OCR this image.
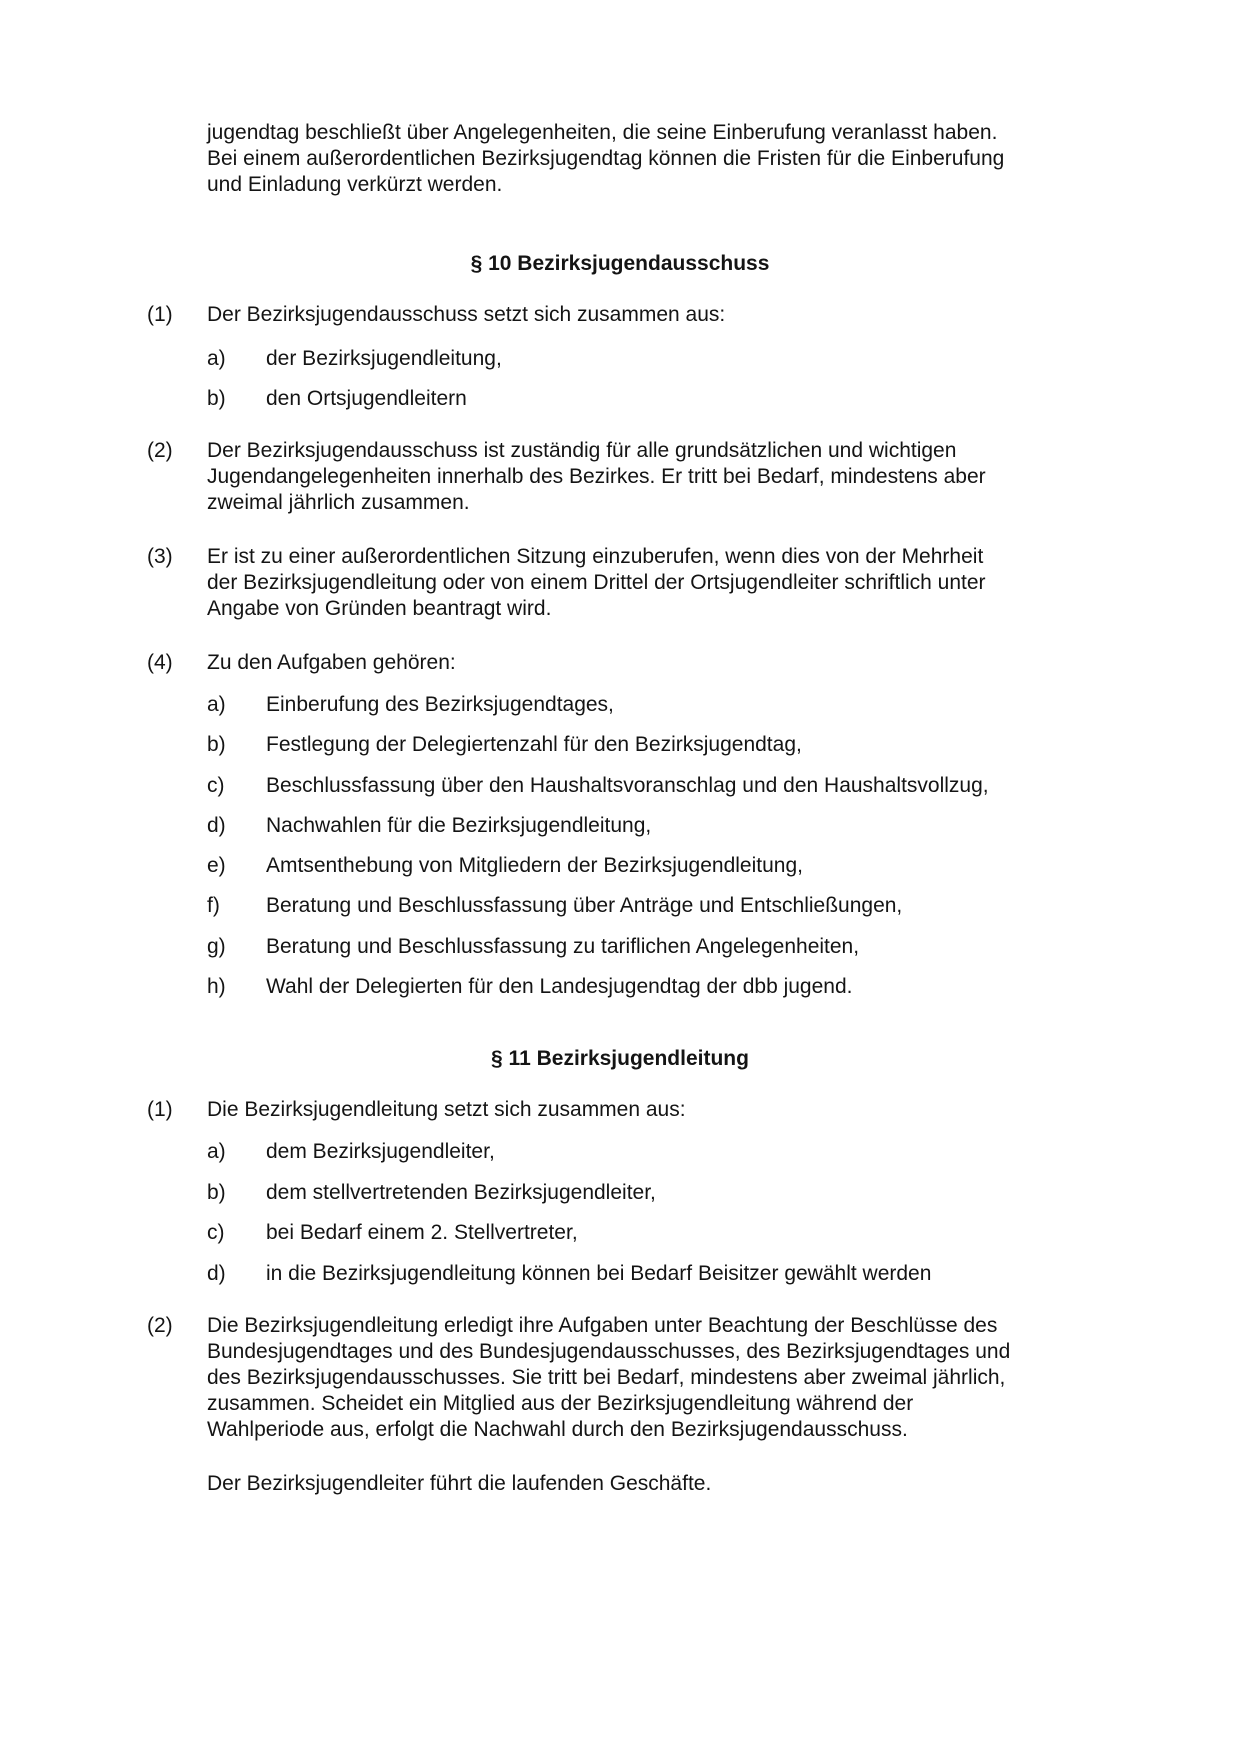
jugendtag beschließt über Angelegenheiten, die seine Einberufung veranlasst haben.

Bei einem außerordentlichen Bezirksjugendtag können die Fristen für die Einberufung

und Einladung verkürzt werden.

§ 10 Bezirksjugendausschuss
(1) Der Bezirksjugendausschuss setzt sich zusammen aus:
a) der Bezirksjugendleitung,
b) den Ortsjugendleitern
(2) Der Bezirksjugendausschuss ist zuständig für alle grundsätzlichen und wichtigen
Jugendangelegenheiten innerhalb des Bezirkes. Er tritt bei Bedarf, mindestens aber
zweimal jährlich zusammen.
(3) Er ist zu einer außerordentlichen Sitzung einzuberufen, wenn dies von der Mehrheit
der Bezirksjugendleitung oder von einem Drittel der Ortsjugendleiter schriftlich unter
Angabe von Gründen beantragt wird.
(4) Zu den Aufgaben gehören:
a) Einberufung des Bezirksjugendtages,
b) Festlegung der Delegiertenzahl für den Bezirksjugendtag,
c) Beschlussfassung über den Haushaltsvoranschlag und den Haushaltsvollzug,
d) Nachwahlen für die Bezirksjugendleitung,
e) Amtsenthebung von Mitgliedern der Bezirksjugendleitung,
f) Beratung und Beschlussfassung über Anträge und Entschließungen,
g) Beratung und Beschlussfassung zu tariflichen Angelegenheiten,
h) Wahl der Delegierten für den Landesjugendtag der dbb jugend.
§ 11 Bezirksjugendleitung
(1) Die Bezirksjugendleitung setzt sich zusammen aus:
a) dem Bezirksjugendleiter,
b) dem stellvertretenden Bezirksjugendleiter,
c) bei Bedarf einem 2. Stellvertreter,
d) in die Bezirksjugendleitung können bei Bedarf Beisitzer gewählt werden
(2) Die Bezirksjugendleitung erledigt ihre Aufgaben unter Beachtung der Beschlüsse des
Bundesjugendtages und des Bundesjugendausschusses, des Bezirksjugendtages und
des Bezirksjugendausschusses. Sie tritt bei Bedarf, mindestens aber zweimal jährlich,
zusammen. Scheidet ein Mitglied aus der Bezirksjugendleitung während der
Wahlperiode aus, erfolgt die Nachwahl durch den Bezirksjugendausschuss.

Der Bezirksjugendleiter führt die laufenden Geschäfte.
